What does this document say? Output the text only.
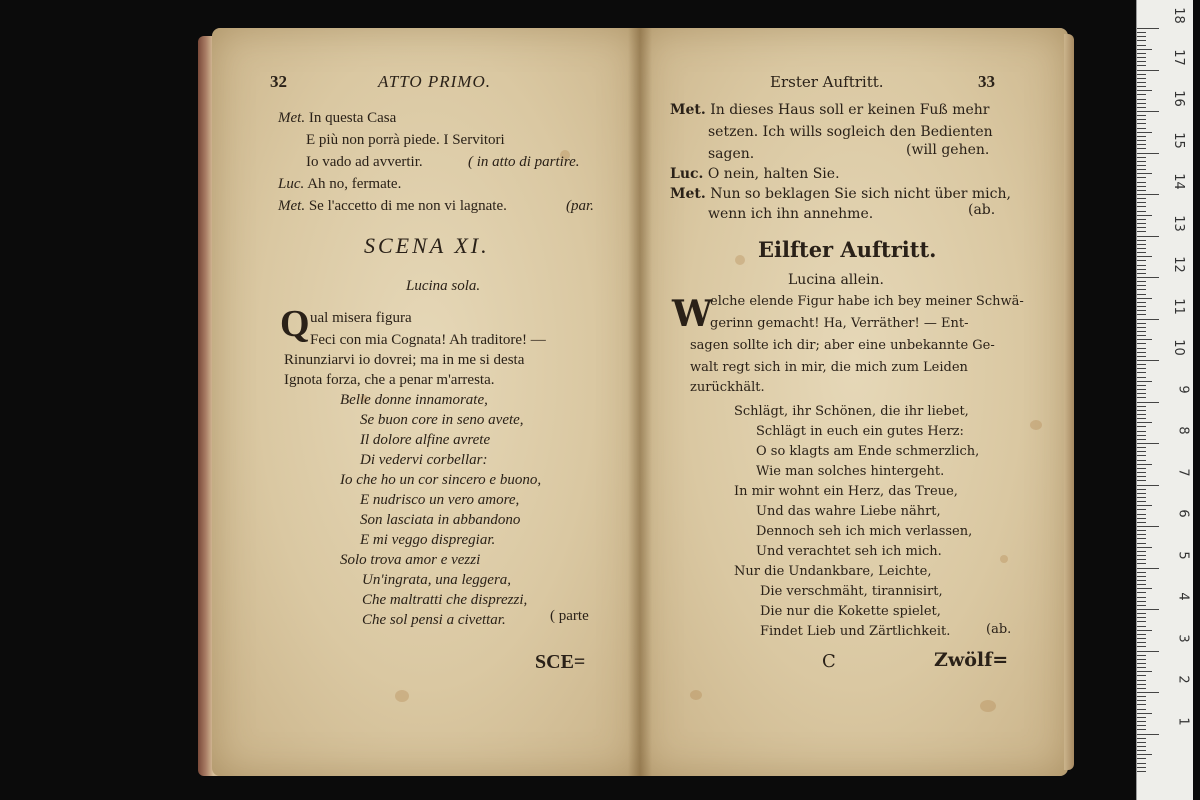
32	ATTO PRIMO.
Met. In questa Casa
E più non porrà piede. I Servitori
Io vado ad avvertir.	( in atto di partire.
Luc. Ah no, fermate.
Met. Se l'accetto di me non vi lagnate.	(par.
SCENA XI.
Lucina sola.
Q ual misera figura
Feci con mia Cognata! Ah traditore! —
Rinunziarvi io dovrei; ma in me si desta
Ignota forza, che a penar m'arresta.
Belle donne innamorate,
Se buon core in seno avete,
Il dolore alfine avrete
Di vedervi corbellar:
Io che ho un cor sincero e buono,
E nudrisco un vero amore,
Son lasciata in abbandono
E mi veggo dispregiar.
Solo trova amor e vezzi
Un'ingrata, una leggera,
Che maltratti che disprezzi,
Che sol pensi a civettar.	( parte
SCE=
Erster Auftritt.	33
Met. In dieses Haus soll er keinen Fuß mehr
setzen. Ich wills sogleich den Bedienten
sagen.	(will gehen.
Luc. O nein, halten Sie.
Met. Nun so beklagen Sie sich nicht über mich,
wenn ich ihn annehme.	(ab.
Eilfter Auftritt.
Lucina allein.
W
elche elende Figur habe ich bey meiner Schwä-
gerinn gemacht! Ha, Verräther! — Ent-
sagen sollte ich dir; aber eine unbekannte Ge-
walt regt sich in mir, die mich zum Leiden
zurückhält.
Schlägt, ihr Schönen, die ihr liebet,
Schlägt in euch ein gutes Herz:
O so klagts am Ende schmerzlich,
Wie man solches hintergeht.
In mir wohnt ein Herz, das Treue,
Und das wahre Liebe nährt,
Dennoch seh ich mich verlassen,
Und verachtet seh ich mich.
Nur die Undankbare, Leichte,
Die verschmäht, tirannisirt,
Die nur die Kokette spielet,
Findet Lieb und Zärtlichkeit.	(ab.
C	Zwölf=
18
17
16
15
14
13
12
11
10
9
8
7
6
5
4
3
2
1
